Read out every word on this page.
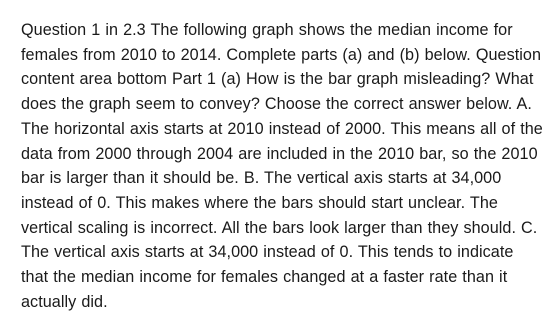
Question 1 in 2.3 The following graph shows the median income for females from 2010 to 2014. Complete parts (a) and (b) below. Question content area bottom Part 1 (a) How is the bar graph misleading? What does the graph seem to convey? Choose the correct answer below. A. The horizontal axis starts at 2010 instead of 2000. This means all of the data from 2000 through 2004 are included in the 2010 bar, so the 2010 bar is larger than it should be. B. The vertical axis starts at 34,000 instead of 0. This makes where the bars should start unclear. The vertical scaling is incorrect. All the bars look larger than they should. C. The vertical axis starts at 34,000 instead of 0. This tends to indicate that the median income for females changed at a faster rate than it actually did.
